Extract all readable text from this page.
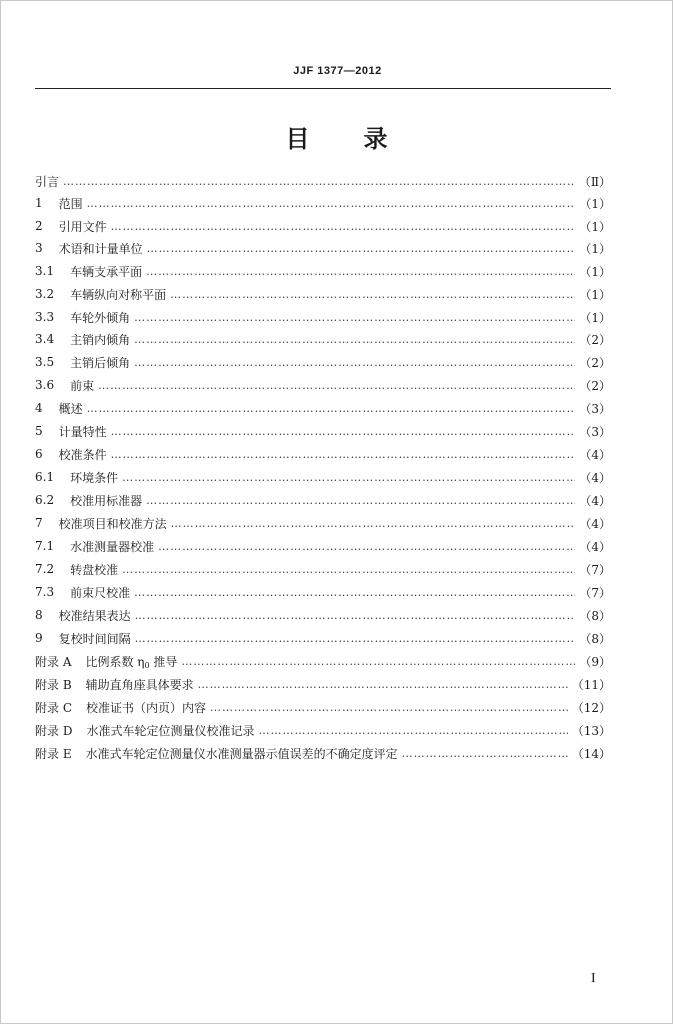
JJF 1377—2012
目 录
引言 …………………………………………………………………………………………………………………………………………	（Ⅱ）
1 范围 …………………………………………………………………………………………………………………………………………	（1）
2 引用文件 …………………………………………………………………………………………………………………………………………	（1）
3 术语和计量单位 …………………………………………………………………………………………………………………………………………	（1）
3.1 车辆支承平面 …………………………………………………………………………………………………………………………………………	（1）
3.2 车辆纵向对称平面 …………………………………………………………………………………………………………………………………………	（1）
3.3 车轮外倾角 …………………………………………………………………………………………………………………………………………	（1）
3.4 主销内倾角 …………………………………………………………………………………………………………………………………………	（2）
3.5 主销后倾角 …………………………………………………………………………………………………………………………………………	（2）
3.6 前束 …………………………………………………………………………………………………………………………………………	（2）
4 概述 …………………………………………………………………………………………………………………………………………	（3）
5 计量特性 …………………………………………………………………………………………………………………………………………	（3）
6 校准条件 …………………………………………………………………………………………………………………………………………	（4）
6.1 环境条件 …………………………………………………………………………………………………………………………………………	（4）
6.2 校准用标准器 …………………………………………………………………………………………………………………………………………	（4）
7 校准项目和校准方法 …………………………………………………………………………………………………………………………………………	（4）
7.1 水准测量器校准 …………………………………………………………………………………………………………………………………………	（4）
7.2 转盘校准 …………………………………………………………………………………………………………………………………………	（7）
7.3 前束尺校准 …………………………………………………………………………………………………………………………………………	（7）
8 校准结果表达 …………………………………………………………………………………………………………………………………………	（8）
9 复校时间间隔 …………………………………………………………………………………………………………………………………………	（8）
附录 A 比例系数 $\eta_0$ 推导 …………………………………………………………………………………………………………………………………………	（9）
附录 B 辅助直角座具体要求 …………………………………………………………………………………………………………………………………………	（11）
附录 C 校准证书（内页）内容 …………………………………………………………………………………………………………………………………………	（12）
附录 D 水准式车轮定位测量仪校准记录 …………………………………………………………………………………………………………………………………………	（13）
附录 E 水准式车轮定位测量仪水准测量器示值误差的不确定度评定 …………………………………………………………………………………………………………………………………………	（14）
I
